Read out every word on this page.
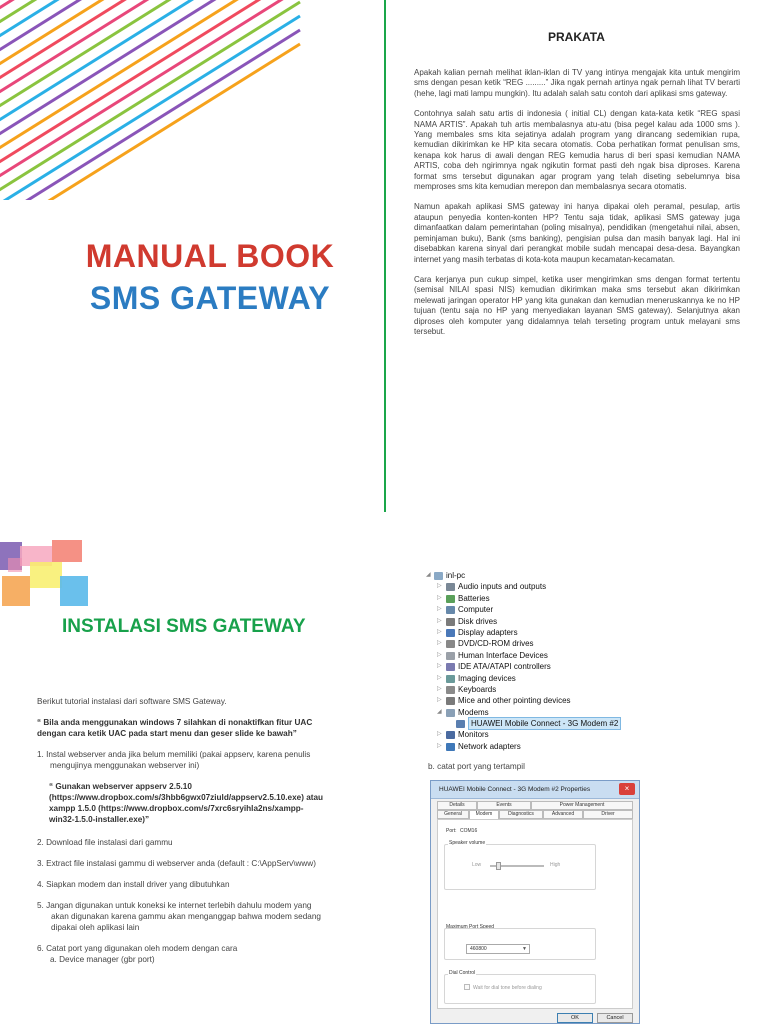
MANUAL BOOK
SMS GATEWAY
PRAKATA

Apakah kalian pernah melihat iklan-iklan di TV yang intinya mengajak kita untuk mengirim sms dengan pesan ketik “REG .........” Jika ngak pernah artinya ngak pernah lihat TV berarti (hehe, lagi mati lampu mungkin). Itu adalah salah satu contoh dari aplikasi sms gateway.

Contohnya salah satu artis di indonesia ( initial CL) dengan kata-kata ketik “REG spasi NAMA ARTIS”. Apakah tuh artis membalasnya atu-atu (bisa pegel kalau ada 1000 sms ). Yang membales sms kita sejatinya adalah program yang dirancang sedemikian rupa, kemudian dikirimkan ke HP kita secara otomatis. Coba perhatikan format penulisan sms, kenapa kok harus di awali dengan REG kemudia harus di beri spasi kemudian NAMA ARTIS, coba deh ngirimnya ngak ngikutin format pasti deh ngak bisa diproses. Karena format sms tersebut digunakan agar program yang telah diseting sebelumnya bisa memproses sms kita kemudian merepon dan membalasnya secara otomatis.

Namun apakah aplikasi SMS gateway ini hanya dipakai oleh peramal, pesulap, artis ataupun penyedia konten-konten HP? Tentu saja tidak, aplikasi SMS gateway juga dimanfaatkan dalam pemerintahan (poling misalnya), pendidikan (mengetahui nilai, absen, peminjaman buku), Bank (sms banking), pengisian pulsa dan masih banyak lagi. Hal ini disebabkan karena sinyal dari perangkat mobile sudah mencapai desa-desa. Bayangkan internet yang masih terbatas di kota-kota maupun kecamatan-kecamatan.

Cara kerjanya pun cukup simpel, ketika user mengirimkan sms dengan format tertentu (semisal NILAI spasi NIS) kemudian dikirimkan maka sms tersebut akan dikirimkan melewati jaringan operator HP yang kita gunakan dan kemudian meneruskannya ke no HP tujuan (tentu saja no HP yang menyediakan layanan SMS gateway). Selanjutnya akan diproses oleh komputer yang didalamnya telah terseting program untuk melayani sms tersebut.

INSTALASI SMS GATEWAY
Berikut tutorial instalasi dari software SMS Gateway.
“ Bila anda menggunakan windows 7 silahkan di nonaktifkan fitur UAC
dengan cara ketik UAC pada start menu dan geser slide ke bawah”
1. Instal webserver anda jika belum memiliki (pakai appserv, karena penulis
mengujinya menggunakan webserver ini)
“ Gunakan webserver appserv 2.5.10
(https://www.dropbox.com/s/3hbb6gwx07ziuld/appserv2.5.10.exe) atau
xampp 1.5.0 (https://www.dropbox.com/s/7xrc6sryihla2ns/xampp-
win32-1.5.0-installer.exe)”
2. Download file instalasi dari gammu
3. Extract file instalasi gammu di webserver anda (default : C:\AppServ\www)
4. Siapkan modem dan install driver yang dibutuhkan
5. Jangan digunakan untuk koneksi ke internet terlebih dahulu modem yang
akan digunakan karena gammu akan menganggap bahwa modem sedang
dipakai oleh aplikasi lain
6. Catat port yang digunakan oleh modem dengan cara
a. Device manager (gbr port)
◢ inl-pc
▷ Audio inputs and outputs
▷ Batteries
▷ Computer
▷ Disk drives
▷ Display adapters
▷ DVD/CD-ROM drives
▷ Human Interface Devices
▷ IDE ATA/ATAPI controllers
▷ Imaging devices
▷ Keyboards
▷ Mice and other pointing devices
◢ Modems
HUAWEI Mobile Connect - 3G Modem #2
▷ Monitors
▷ Network adapters
b. catat port yang tertampil
HUAWEI Mobile Connect - 3G Modem #2 Properties	×
Details	Events	Power Management
General	Modem	Diagnostics	Advanced	Driver
Port: COM16
Speaker volume
Low	High
Maximum Port Speed
460800	▼
Dial Control
Wait for dial tone before dialing
OK	Cancel
